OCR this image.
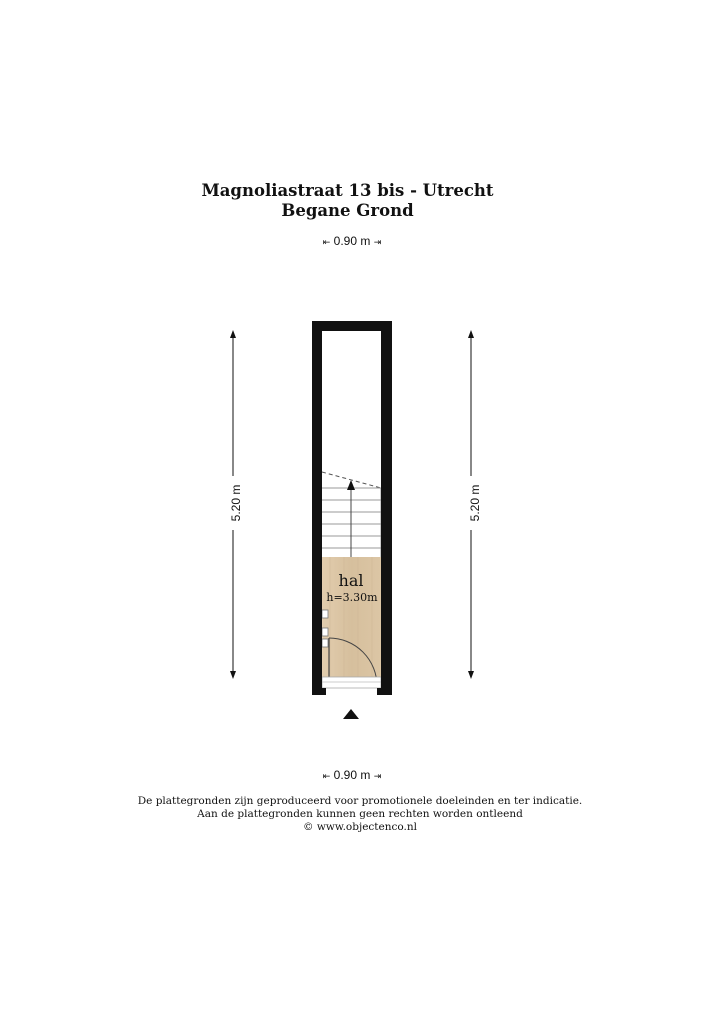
Magnoliastraat 13 bis - Utrecht
Begane Grond
⇤ 0.90 m ⇥
5.20 m	5.20 m
hal
h=3.30m
⇤ 0.90 m ⇥
De plattegronden zijn geproduceerd voor promotionele doeleinden en ter indicatie.
Aan de plattegronden kunnen geen rechten worden ontleend
© www.objectenco.nl
